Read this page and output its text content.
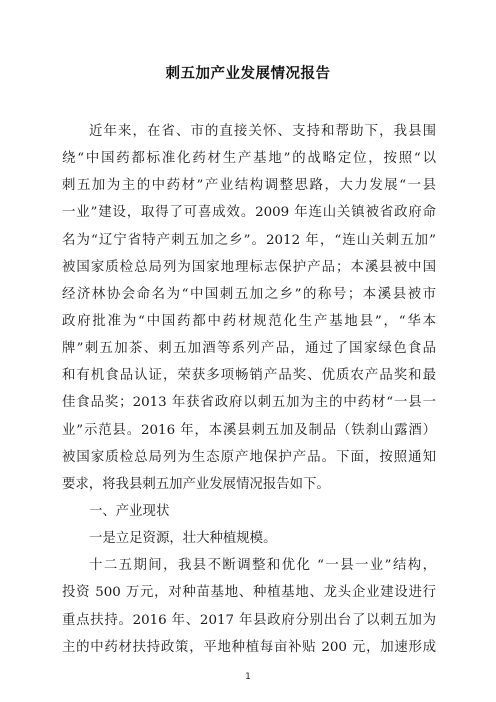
刺五加产业发展情况报告
近年来，在省、市的直接关怀、支持和帮助下，我县围
绕“中国药都标准化药材生产基地”的战略定位，按照“以
刺五加为主的中药材”产业结构调整思路，大力发展“一县
一业”建设，取得了可喜成效。2009 年连山关镇被省政府命
名为“辽宁省特产刺五加之乡”。2012 年，“连山关刺五加”
被国家质检总局列为国家地理标志保护产品；本溪县被中国
经济林协会命名为“中国刺五加之乡”的称号；本溪县被市
政府批准为“中国药都中药材规范化生产基地县”，“华本
牌”刺五加茶、刺五加酒等系列产品，通过了国家绿色食品
和有机食品认证，荣获多项畅销产品奖、优质农产品奖和最
佳食品奖；2013 年获省政府以刺五加为主的中药材“一县一
业”示范县。2016 年，本溪县刺五加及制品（铁刹山露酒）
被国家质检总局列为生态原产地保护产品。下面，按照通知
要求，将我县刺五加产业发展情况报告如下。
一、产业现状
一是立足资源，壮大种植规模。
十二五期间，我县不断调整和优化 “一县一业”结构，
投资 500 万元，对种苗基地、种植基地、龙头企业建设进行
重点扶持。2016 年、2017 年县政府分别出台了以刺五加为
主的中药材扶持政策，平地种植每亩补贴 200 元，加速形成
1
